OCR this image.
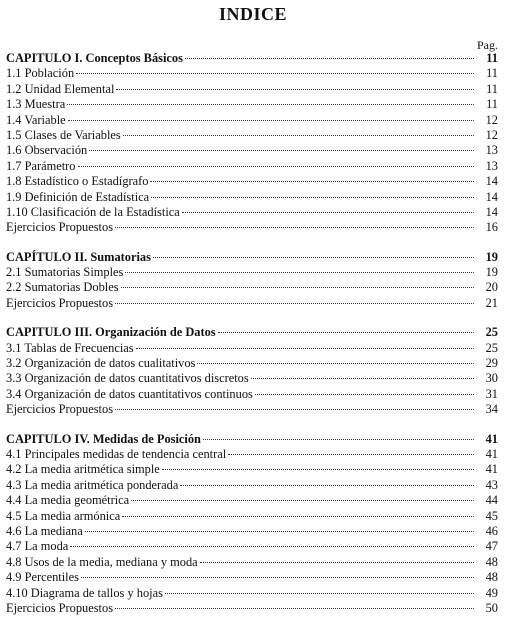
INDICE
Pag.
CAPITULO I. Conceptos Básicos	11
1.1 Población	11
1.2 Unidad Elemental	11
1.3 Muestra	11
1.4 Variable	12
1.5 Clases de Variables	12
1.6 Observación	13
1.7 Parámetro	13
1.8 Estadístico o Estadígrafo	14
1.9 Definición de Estadística	14
1.10 Clasificación de la Estadística	14
Ejercicios Propuestos	16
CAPÍTULO II. Sumatorias	19
2.1 Sumatorias Simples	19
2.2 Sumatorias Dobles	20
Ejercicios Propuestos	21
CAPITULO III. Organización de Datos	25
3.1 Tablas de Frecuencias	25
3.2 Organización de datos cualitativos	29
3.3 Organización de datos cuantitativos discretos	30
3.4 Organización de datos cuantitativos continuos	31
Ejercicios Propuestos	34
CAPITULO IV. Medidas de Posición	41
4.1 Principales medidas de tendencia central	41
4.2 La media aritmética simple	41
4.3 La media aritmética ponderada	43
4.4 La media geométrica	44
4.5 La media armónica	45
4.6 La mediana	46
4.7 La moda	47
4.8 Usos de la media, mediana y moda	48
4.9 Percentiles	48
4.10 Diagrama de tallos y hojas	49
Ejercicios Propuestos	50
